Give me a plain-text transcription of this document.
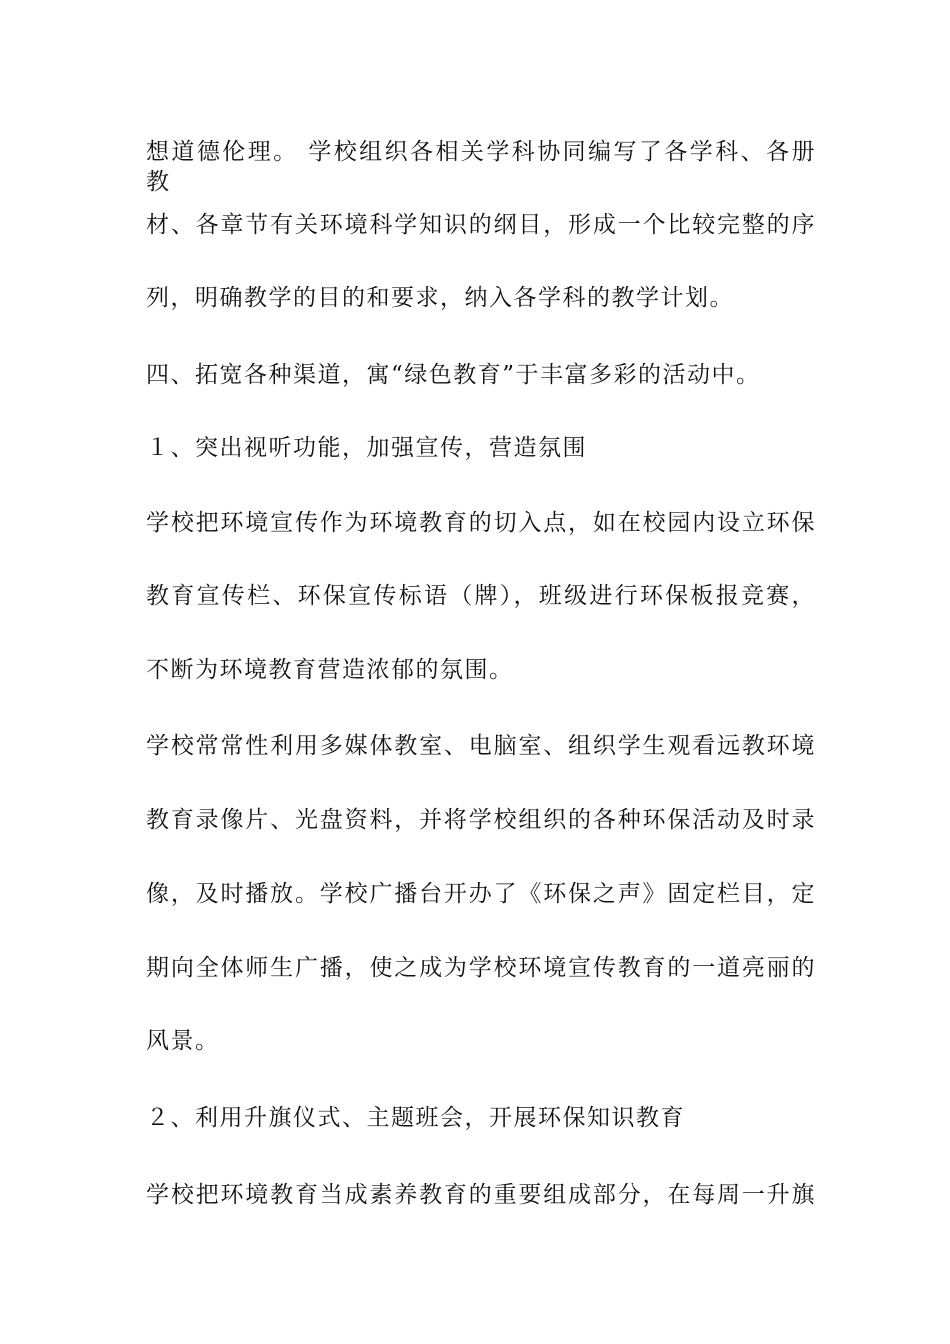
想道德伦理。 学校组织各相关学科协同编写了各学科、各册教
材、各章节有关环境科学知识的纲目，形成一个比较完整的序
列，明确教学的目的和要求，纳入各学科的教学计划。
四、拓宽各种渠道，寓“绿色教育”于丰富多彩的活动中。
１、突出视听功能，加强宣传，营造氛围
学校把环境宣传作为环境教育的切入点，如在校园内设立环保
教育宣传栏、环保宣传标语（牌），班级进行环保板报竞赛，
不断为环境教育营造浓郁的氛围。
学校常常性利用多媒体教室、电脑室、组织学生观看远教环境
教育录像片、光盘资料，并将学校组织的各种环保活动及时录
像，及时播放。学校广播台开办了《环保之声》固定栏目，定
期向全体师生广播，使之成为学校环境宣传教育的一道亮丽的
风景。
２、利用升旗仪式、主题班会，开展环保知识教育
学校把环境教育当成素养教育的重要组成部分，在每周一升旗
